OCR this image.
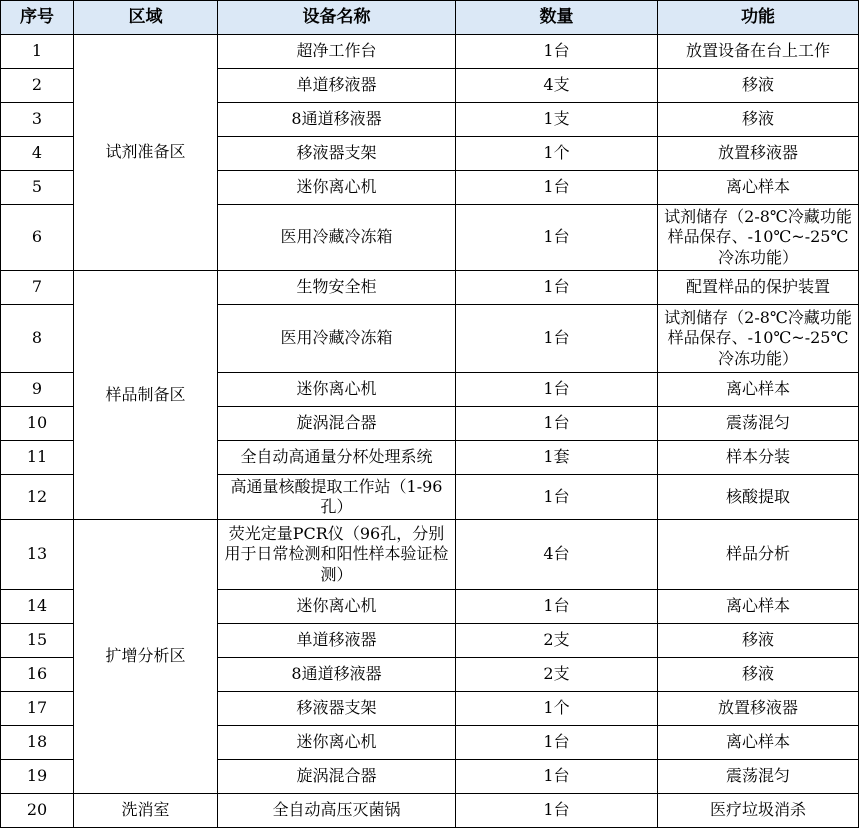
序号	区域	设备名称	数量	功能
1	试剂准备区	超净工作台	1台	放置设备在台上工作
2		单道移液器	4支	移液
3		8通道移液器	1支	移液
4		移液器支架	1个	放置移液器
5		迷你离心机	1台	离心样本
6		医用冷藏冷冻箱	1台	试剂储存（2-8℃冷藏功能样品保存、-10℃~-25℃冷冻功能）
7	样品制备区	生物安全柜	1台	配置样品的保护装置
8		医用冷藏冷冻箱	1台	试剂储存（2-8℃冷藏功能样品保存、-10℃~-25℃冷冻功能）
9		迷你离心机	1台	离心样本
10		旋涡混合器	1台	震荡混匀
11		全自动高通量分杯处理系统	1套	样本分装
12		高通量核酸提取工作站（1-96孔）	1台	核酸提取
13	扩增分析区	荧光定量PCR仪（96孔，分别用于日常检测和阳性样本验证检测）	4台	样品分析
14		迷你离心机	1台	离心样本
15		单道移液器	2支	移液
16		8通道移液器	2支	移液
17		移液器支架	1个	放置移液器
18		迷你离心机	1台	离心样本
19		旋涡混合器	1台	震荡混匀
20	洗消室	全自动高压灭菌锅	1台	医疗垃圾消杀
